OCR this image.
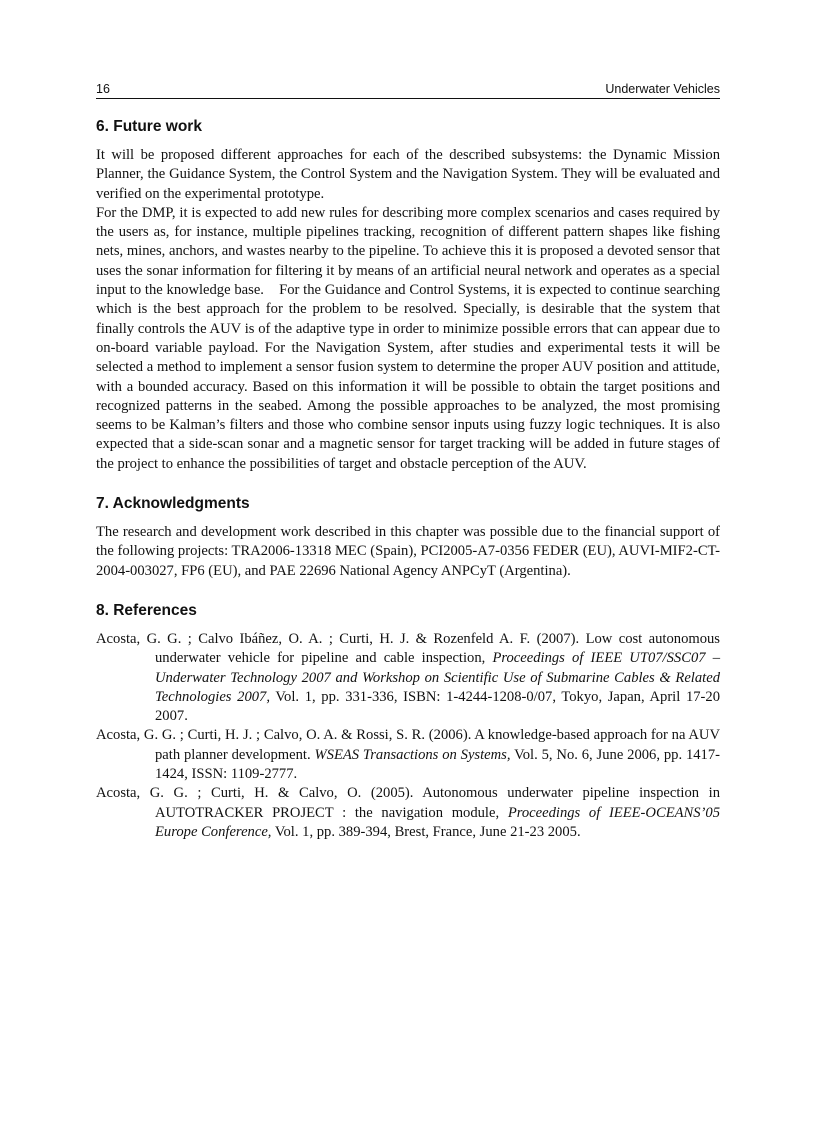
16	Underwater Vehicles
6. Future work

It will be proposed different approaches for each of the described subsystems: the Dynamic Mission Planner, the Guidance System, the Control System and the Navigation System. They will be evaluated and verified on the experimental prototype.

For the DMP, it is expected to add new rules for describing more complex scenarios and cases required by the users as, for instance, multiple pipelines tracking, recognition of different pattern shapes like fishing nets, mines, anchors, and wastes nearby to the pipeline. To achieve this it is proposed a devoted sensor that uses the sonar information for filtering it by means of an artificial neural network and operates as a special input to the knowledge base.    For the Guidance and Control Systems, it is expected to continue searching which is the best approach for the problem to be resolved. Specially, is desirable that the system that finally controls the AUV is of the adaptive type in order to minimize possible errors that can appear due to on-board variable payload. For the Navigation System, after studies and experimental tests it will be selected a method to implement a sensor fusion system to determine the proper AUV position and attitude, with a bounded accuracy. Based on this information it will be possible to obtain the target positions and recognized patterns in the seabed. Among the possible approaches to be analyzed, the most promising seems to be Kalman’s filters and those who combine sensor inputs using fuzzy logic techniques. It is also expected that a side-scan sonar and a magnetic sensor for target tracking will be added in future stages of the project to enhance the possibilities of target and obstacle perception of the AUV.

7. Acknowledgments

The research and development work described in this chapter was possible due to the financial support of the following projects: TRA2006-13318 MEC (Spain), PCI2005-A7-0356 FEDER (EU), AUVI-MIF2-CT-2004-003027, FP6 (EU), and PAE 22696 National Agency ANPCyT (Argentina).

8. References

Acosta, G. G. ; Calvo Ibáñez, O. A. ; Curti, H. J. & Rozenfeld A. F. (2007). Low cost autonomous underwater vehicle for pipeline and cable inspection, Proceedings of IEEE UT07/SSC07 – Underwater Technology 2007 and Workshop on Scientific Use of Submarine Cables & Related Technologies 2007, Vol. 1, pp. 331-336, ISBN: 1-4244-1208-0/07, Tokyo, Japan, April 17-20 2007.

Acosta, G. G. ; Curti, H. J. ; Calvo, O. A. & Rossi, S. R. (2006). A knowledge-based approach for na AUV path planner development. WSEAS Transactions on Systems, Vol. 5, No. 6, June 2006, pp. 1417-1424, ISSN: 1109-2777.

Acosta, G. G. ; Curti, H. & Calvo, O. (2005). Autonomous underwater pipeline inspection in AUTOTRACKER PROJECT : the navigation module, Proceedings of IEEE-OCEANS’05 Europe Conference, Vol. 1, pp. 389-394, Brest, France, June 21-23 2005.
